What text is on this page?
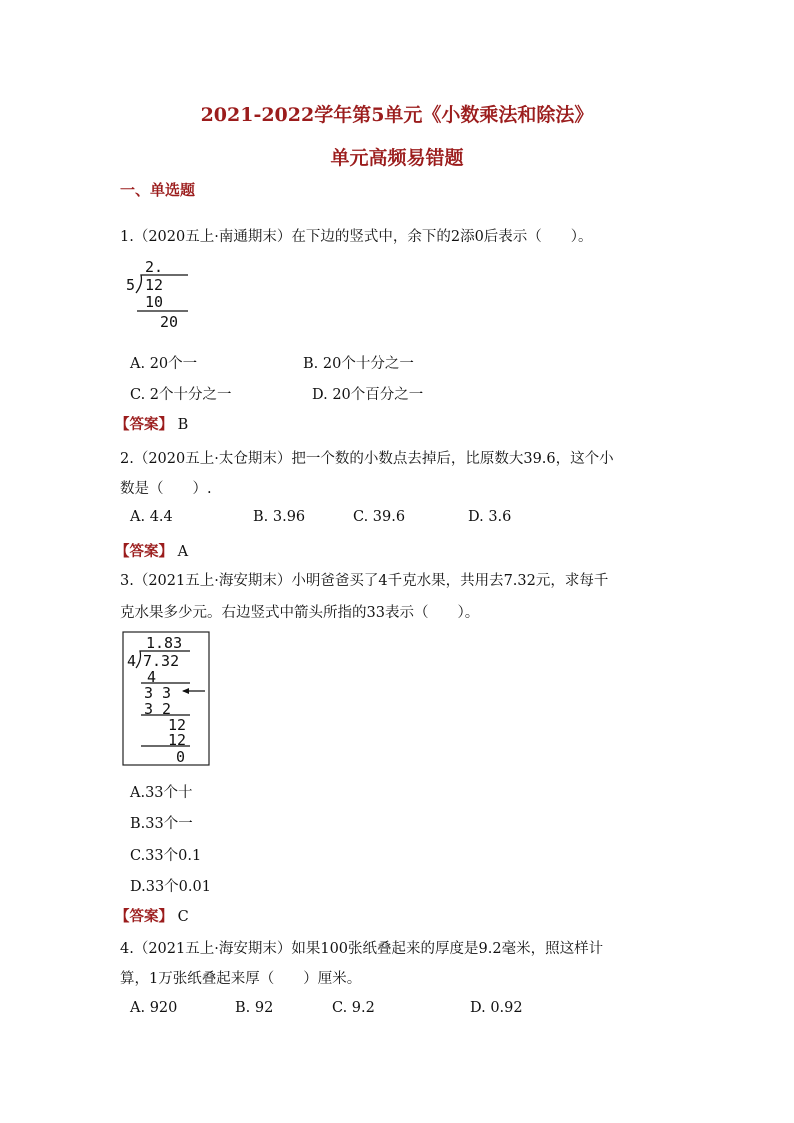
2021-2022学年第5单元《小数乘法和除法》
单元高频易错题
一、单选题
1.（2020五上·南通期末）在下边的竖式中，余下的2添0后表示（　　）。
2.
5 12
10
20
A. 20个一	B. 20个十分之一
C. 2个十分之一	D. 20个百分之一
【答案】 B
2.（2020五上·太仓期末）把一个数的小数点去掉后，比原数大39.6，这个小
数是（　　）.
A. 4.4	B. 3.96	C. 39.6	D. 3.6
【答案】 A
3.（2021五上·海安期末）小明爸爸买了4千克水果，共用去7.32元，求每千
克水果多少元。右边竖式中箭头所指的33表示（　　）。
1.83
4 7.32
4
3 3
3 2
12
12
0
A.33个十
B.33个一
C.33个0.1
D.33个0.01
【答案】 C
4.（2021五上·海安期末）如果100张纸叠起来的厚度是9.2毫米，照这样计
算，1万张纸叠起来厚（　　）厘米。
A. 920	B. 92	C. 9.2	D. 0.92
